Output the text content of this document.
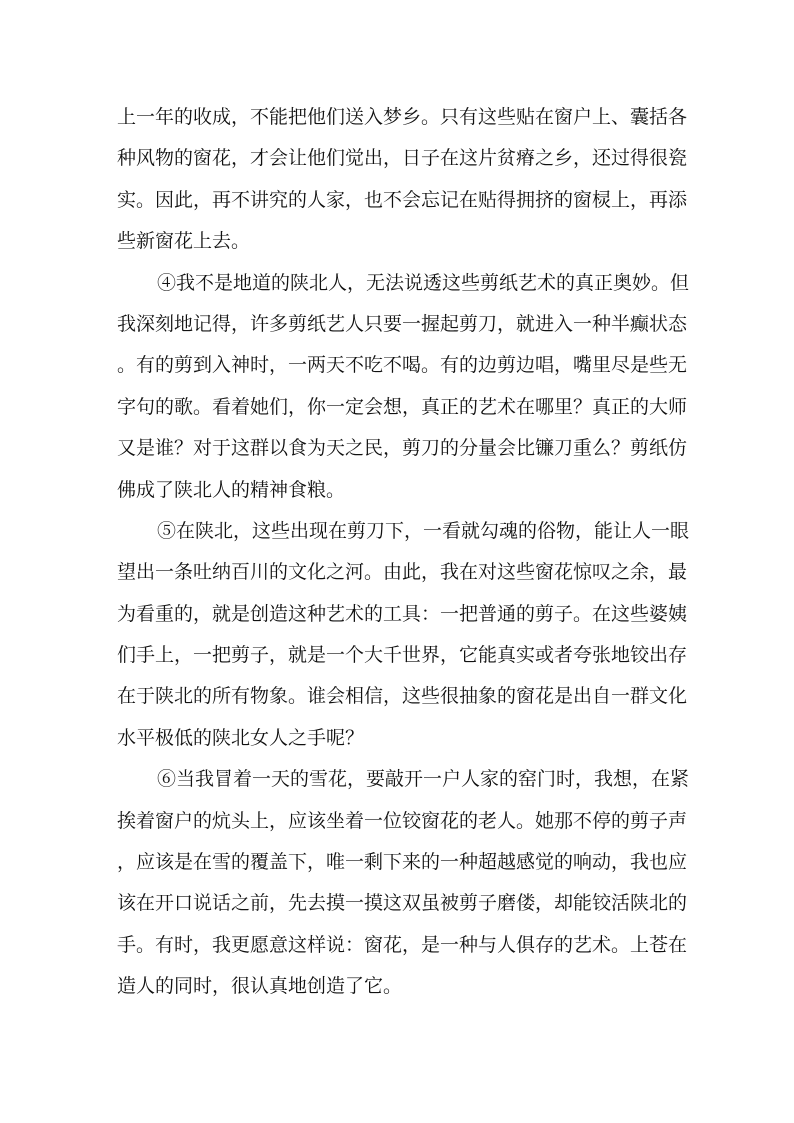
上一年的收成，不能把他们送入梦乡。只有这些贴在窗户上、囊括各
种风物的窗花，才会让他们觉出，日子在这片贫瘠之乡，还过得很瓷
实。因此，再不讲究的人家，也不会忘记在贴得拥挤的窗棂上，再添
些新窗花上去。
④我不是地道的陕北人，无法说透这些剪纸艺术的真正奥妙。但
我深刻地记得，许多剪纸艺人只要一握起剪刀，就进入一种半癫状态
。有的剪到入神时，一两天不吃不喝。有的边剪边唱，嘴里尽是些无
字句的歌。看着她们，你一定会想，真正的艺术在哪里？真正的大师
又是谁？对于这群以食为天之民，剪刀的分量会比镰刀重么？剪纸仿
佛成了陕北人的精神食粮。
⑤在陕北，这些出现在剪刀下，一看就勾魂的俗物，能让人一眼
望出一条吐纳百川的文化之河。由此，我在对这些窗花惊叹之余，最
为看重的，就是创造这种艺术的工具：一把普通的剪子。在这些婆姨
们手上，一把剪子，就是一个大千世界，它能真实或者夸张地铰出存
在于陕北的所有物象。谁会相信，这些很抽象的窗花是出自一群文化
水平极低的陕北女人之手呢？
⑥当我冒着一天的雪花，要敲开一户人家的窑门时，我想，在紧
挨着窗户的炕头上，应该坐着一位铰窗花的老人。她那不停的剪子声
，应该是在雪的覆盖下，唯一剩下来的一种超越感觉的响动，我也应
该在开口说话之前，先去摸一摸这双虽被剪子磨偻，却能铰活陕北的
手。有时，我更愿意这样说：窗花，是一种与人俱存的艺术。上苍在
造人的同时，很认真地创造了它。
